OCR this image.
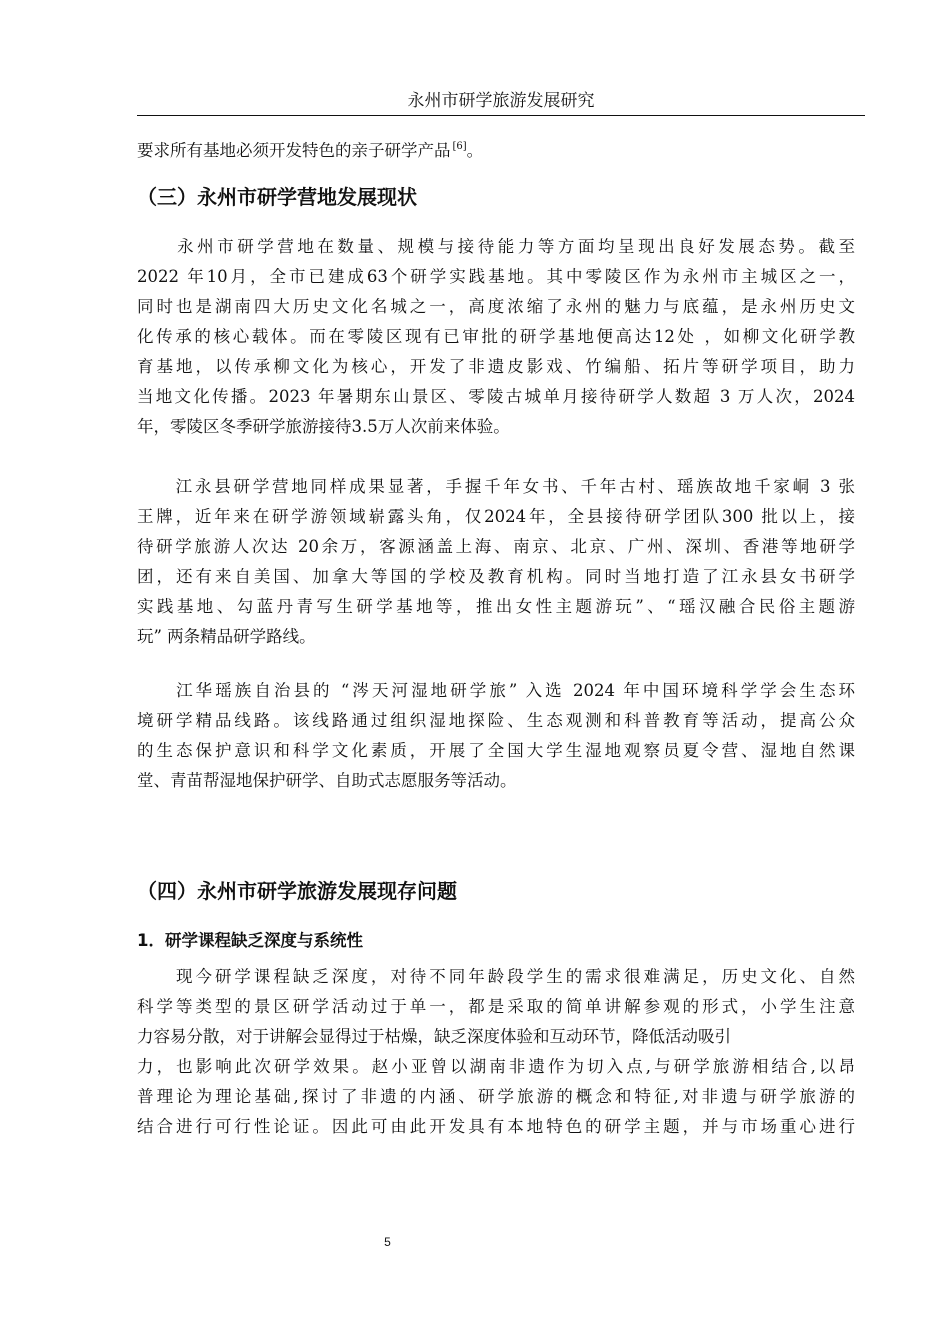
永州市研学旅游发展研究
要求所有基地必须开发特色的亲子研学产品 [6]。
（三）永州市研学营地发展现状
　　永州市研学营地在数量、规模与接待能力等方面均呈现出良好发展态势。截至
2022 年10月，全市已建成63个研学实践基地。其中零陵区作为永州市主城区之一，
同时也是湖南四大历史文化名城之一，高度浓缩了永州的魅力与底蕴，是永州历史文
化传承的核心载体。而在零陵区现有已审批的研学基地便高达12处 ，如柳文化研学教
育基地，以传承柳文化为核心，开发了非遗皮影戏、竹编船、拓片等研学项目，助力
当地文化传播。2023 年暑期东山景区、零陵古城单月接待研学人数超 3 万人次，2024
年，零陵区冬季研学旅游接待3.5万人次前来体验。
　　江永县研学营地同样成果显著，手握千年女书、千年古村、瑶族故地千家峒 3 张
王牌，近年来在研学游领域崭露头角，仅2024年，全县接待研学团队300 批以上，接
待研学旅游人次达 20余万，客源涵盖上海、南京、北京、广州、深圳、香港等地研学
团，还有来自美国、加拿大等国的学校及教育机构。同时当地打造了江永县女书研学
实践基地、勾蓝丹青写生研学基地等，推出女性主题游玩”、“瑶汉融合民俗主题游
玩” 两条精品研学路线。
　　江华瑶族自治县的 “涔天河湿地研学旅” 入选 2024 年中国环境科学学会生态环
境研学精品线路。该线路通过组织湿地探险、生态观测和科普教育等活动，提高公众
的生态保护意识和科学文化素质，开展了全国大学生湿地观察员夏令营、湿地自然课
堂、青苗帮湿地保护研学、自助式志愿服务等活动。
（四）永州市研学旅游发展现存问题
1．研学课程缺乏深度与系统性
　　现今研学课程缺乏深度，对待不同年龄段学生的需求很难满足，历史文化、自然
科学等类型的景区研学活动过于单一，都是采取的简单讲解参观的形式，小学生注意
力容易分散，对于讲解会显得过于枯燥，缺乏深度体验和互动环节，降低活动吸引
力，也影响此次研学效果。赵小亚曾以湖南非遗作为切入点,与研学旅游相结合,以昂
普理论为理论基础,探讨了非遗的内涵、研学旅游的概念和特征,对非遗与研学旅游的
结合进行可行性论证。因此可由此开发具有本地特色的研学主题，并与市场重心进行
5
